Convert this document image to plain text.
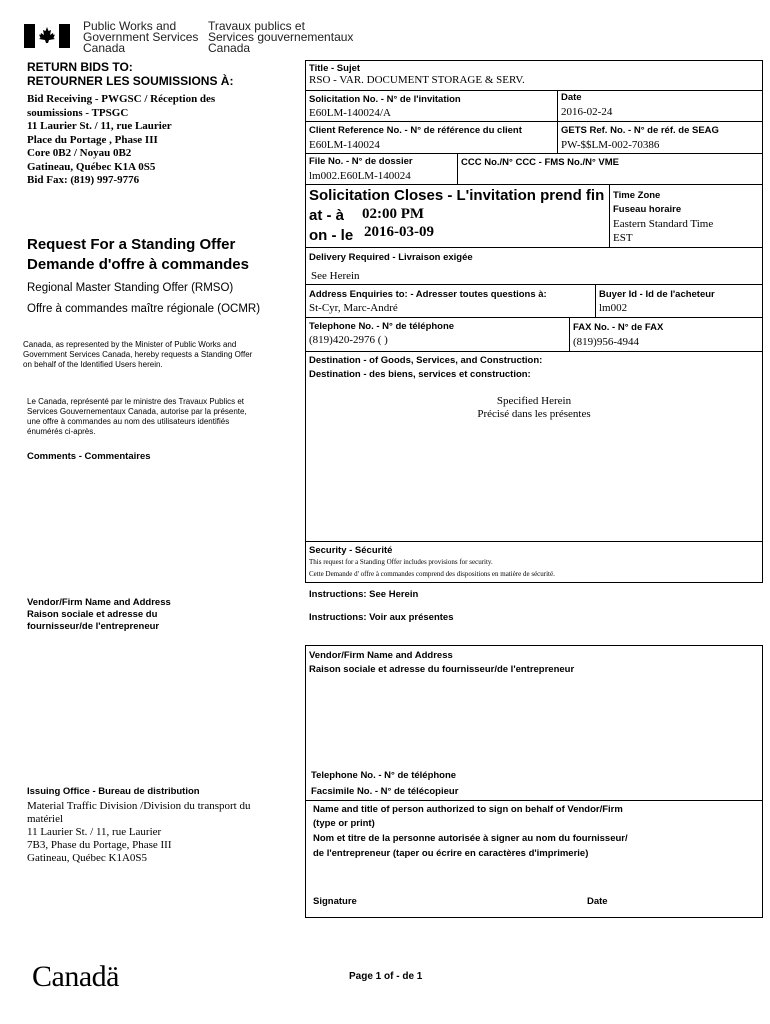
Public Works and
Government Services
Canada
Travaux publics et
Services gouvernementaux
Canada
RETURN BIDS TO:
RETOURNER LES SOUMISSIONS À:
Bid Receiving - PWGSC / Réception des
soumissions - TPSGC
11 Laurier St. / 11, rue Laurier
Place du Portage , Phase III
Core 0B2 / Noyau 0B2
Gatineau, Québec K1A 0S5
Bid Fax: (819) 997-9776
Request For a Standing Offer
Demande d'offre à commandes
Regional Master Standing Offer (RMSO)
Offre à commandes maître régionale (OCMR)
Canada, as represented by the Minister of Public Works and
Government Services Canada, hereby requests a Standing Offer
on behalf of the Identified Users herein.
Le Canada, représenté par le ministre des Travaux Publics et
Services Gouvernementaux Canada, autorise par la présente,
une offre à commandes au nom des utilisateurs identifiés
énumérés ci-après.
Comments - Commentaires
Vendor/Firm Name and Address
Raison sociale et adresse du
fournisseur/de l'entrepreneur
Issuing Office - Bureau de distribution
Material Traffic Division /Division du transport du
matériel
11 Laurier St. / 11, rue Laurier
7B3, Phase du Portage, Phase III
Gatineau, Québec K1A0S5
Title - Sujet
RSO - VAR. DOCUMENT STORAGE & SERV.
Solicitation No. - N° de l'invitation
E60LM-140024/A
Date
2016-02-24
Client Reference No. - N° de référence du client
E60LM-140024
GETS Ref. No. - N° de réf. de SEAG
PW-$$LM-002-70386
File No. - N° de dossier
lm002.E60LM-140024
CCC No./N° CCC - FMS No./N° VME
Solicitation Closes - L'invitation prend fin
at - à 02:00 PM
on - le 2016-03-09
Time Zone
Fuseau horaire
Eastern Standard Time
EST
Delivery Required - Livraison exigée
See Herein
Address Enquiries to: - Adresser toutes questions à:
St-Cyr, Marc-André
Buyer Id - Id de l'acheteur
lm002
Telephone No. - N° de téléphone
(819)420-2976 ( )
FAX No. - N° de FAX
(819)956-4944
Destination - of Goods, Services, and Construction:
Destination - des biens, services et construction:
Specified Herein
Précisé dans les présentes
Security - Sécurité
This request for a Standing Offer includes provisions for security.
Cette Demande d' offre à commandes comprend des dispositions en matière de sécurité.
Instructions: See Herein
Instructions: Voir aux présentes
Vendor/Firm Name and Address
Raison sociale et adresse du fournisseur/de l'entrepreneur
Telephone No. - N° de téléphone
Facsimile No. - N° de télécopieur
Name and title of person authorized to sign on behalf of Vendor/Firm
(type or print)
Nom et titre de la personne autorisée à signer au nom du fournisseur/
de l'entrepreneur (taper ou écrire en caractères d'imprimerie)
Signature	Date
Canadä	Page 1 of - de 1
